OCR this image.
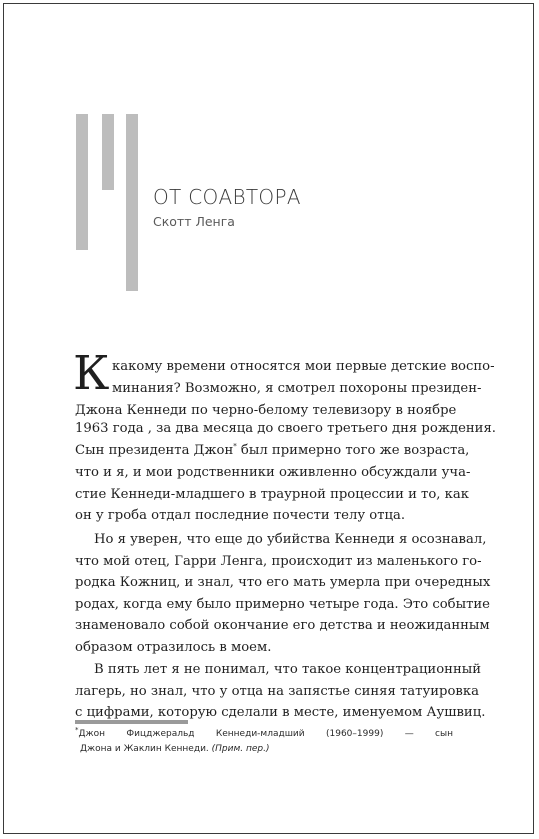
ОТ СОАВТОРА
Скотт Ленга
К какому времени относятся мои первые детские воспо-
минания? Возможно, я смотрел похороны президен-
Джона Кеннеди по черно-белому телевизору в ноябре
1963 года , за два месяца до своего третьего дня рождения.
Сын президента Джон* был примерно того же возраста,
что и я, и мои родственники оживленно обсуждали уча-
стие Кеннеди-младшего в траурной процессии и то, как
он у гроба отдал последние почести телу отца.
Но я уверен, что еще до убийства Кеннеди я осознавал,
что мой отец, Гарри Ленга, происходит из маленького го-
родка Кожниц, и знал, что его мать умерла при очередных
родах, когда ему было примерно четыре года. Это событие
знаменовало собой окончание его детства и неожиданным
образом отразилось в моем.
В пять лет я не понимал, что такое концентрационный
лагерь, но знал, что у отца на запястье синяя татуировка
с цифрами, которую сделали в месте, именуемом Аушвиц.
*Джон Фицджеральд Кеннеди-младший (1960–1999) — сын
Джона и Жаклин Кеннеди. (Прим. пер.)
